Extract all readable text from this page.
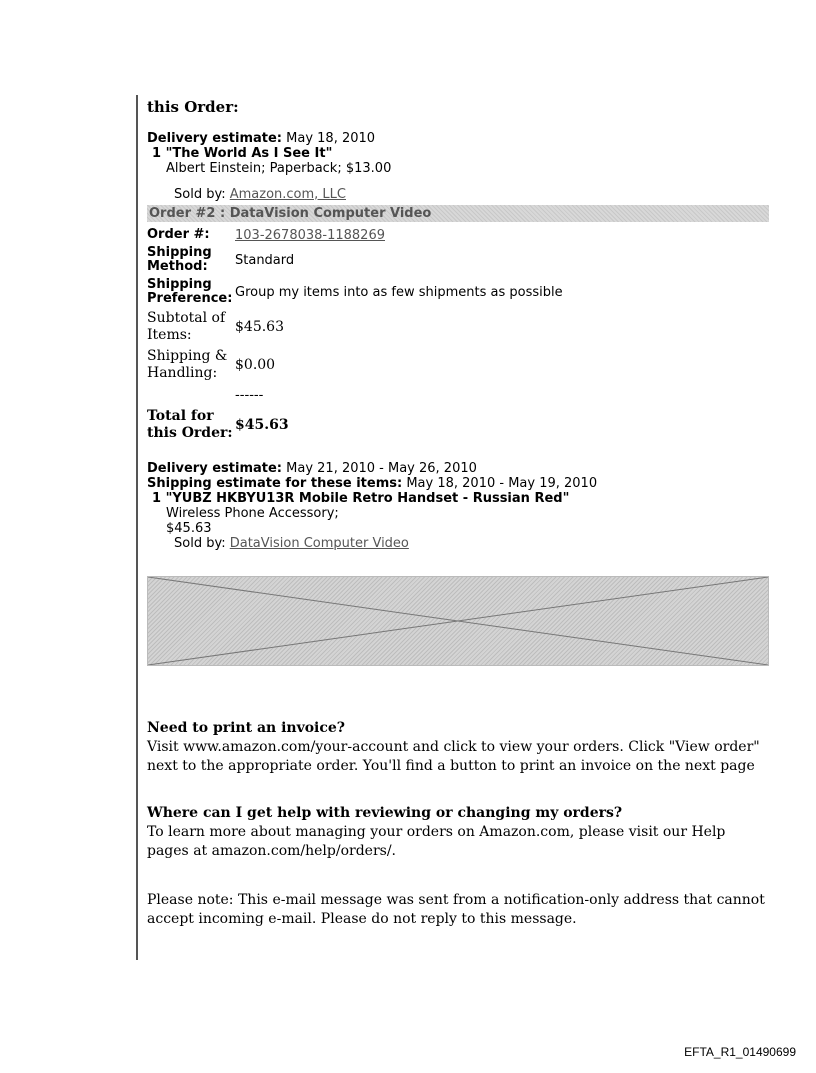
this Order:

Delivery estimate: May 18, 2010
1 "The World As I See It"
Albert Einstein; Paperback; $13.00
Sold by: Amazon.com, LLC
Order #2 : DataVision Computer Video
Order #:	103-2678038-1188269
Shipping Method:	Standard
Shipping Preference:	Group my items into as few shipments as possible
Subtotal of Items:	$45.63
Shipping & Handling:	$0.00
	------
Total for this Order:	$45.63
Delivery estimate: May 21, 2010 - May 26, 2010
Shipping estimate for these items: May 18, 2010 - May 19, 2010
1 "YUBZ HKBYU13R Mobile Retro Handset - Russian Red"
Wireless Phone Accessory;
$45.63
Sold by: DataVision Computer Video
Need to print an invoice?

Visit www.amazon.com/your-account and click to view your orders. Click "View order" next to the appropriate order. You'll find a button to print an invoice on the next page

Where can I get help with reviewing or changing my orders?

To learn more about managing your orders on Amazon.com, please visit our Help pages at amazon.com/help/orders/.

Please note: This e-mail message was sent from a notification-only address that cannot accept incoming e-mail. Please do not reply to this message.

EFTA_R1_01490699
